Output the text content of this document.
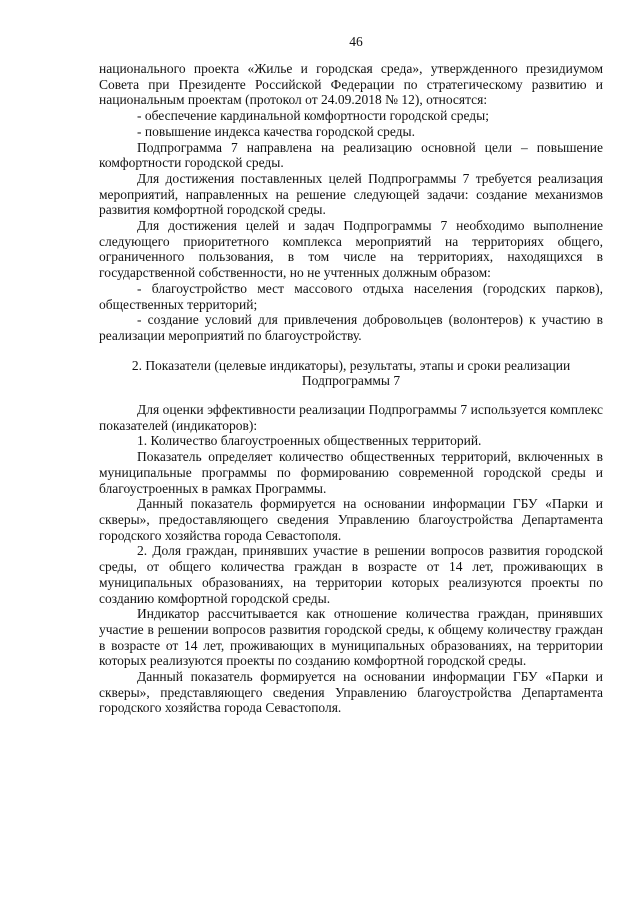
46

национального проекта «Жилье и городская среда», утвержденного президиумом Совета при Президенте Российской Федерации по стратегическому развитию и национальным проектам (протокол от 24.09.2018 № 12), относятся:

- обеспечение кардинальной комфортности городской среды;

- повышение индекса качества городской среды.

Подпрограмма 7 направлена на реализацию основной цели – повышение комфортности городской среды.

Для достижения поставленных целей Подпрограммы 7 требуется реализация мероприятий, направленных на решение следующей задачи: создание механизмов развития комфортной городской среды.

Для достижения целей и задач Подпрограммы 7 необходимо выполнение следующего приоритетного комплекса мероприятий на территориях общего, ограниченного пользования, в том числе на территориях, находящихся в государственной собственности, но не учтенных должным образом:

- благоустройство мест массового отдыха населения (городских парков), общественных территорий;

- создание условий для привлечения добровольцев (волонтеров) к участию в реализации мероприятий по благоустройству.

2. Показатели (целевые индикаторы), результаты, этапы и сроки реализации
Подпрограммы 7

Для оценки эффективности реализации Подпрограммы 7 используется комплекс показателей (индикаторов):

1. Количество благоустроенных общественных территорий.

Показатель определяет количество общественных территорий, включенных в муниципальные программы по формированию современной городской среды и благоустроенных в рамках Программы.

Данный показатель формируется на основании информации ГБУ «Парки и скверы», предоставляющего сведения Управлению благоустройства Департамента городского хозяйства города Севастополя.

2. Доля граждан, принявших участие в решении вопросов развития городской среды, от общего количества граждан в возрасте от 14 лет, проживающих в муниципальных образованиях, на территории которых реализуются проекты по созданию комфортной городской среды.

Индикатор рассчитывается как отношение количества граждан, принявших участие в решении вопросов развития городской среды, к общему количеству граждан в возрасте от 14 лет, проживающих в муниципальных образованиях, на территории которых реализуются проекты по созданию комфортной городской среды.

Данный показатель формируется на основании информации ГБУ «Парки и скверы», представляющего сведения Управлению благоустройства Департамента городского хозяйства города Севастополя.
